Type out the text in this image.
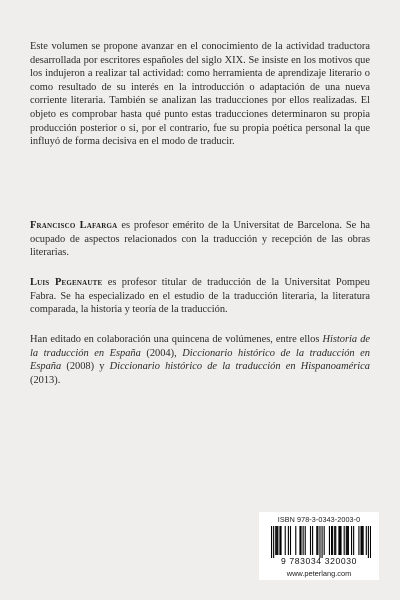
Este volumen se propone avanzar en el conocimiento de la actividad traductora desarrollada por escritores españoles del siglo XIX. Se insiste en los motivos que los indujeron a realizar tal actividad: como herramienta de aprendizaje literario o como resultado de su interés en la introducción o adaptación de una nueva corriente literaria. También se analizan las traducciones por ellos realizadas. El objeto es comprobar hasta qué punto estas traducciones determinaron su propia producción posterior o si, por el contrario, fue su propia poética personal la que influyó de forma decisiva en el modo de traducir.

Francisco Lafarga es profesor emérito de la Universitat de Barcelona. Se ha ocupado de aspectos relacionados con la traducción y recepción de las obras literarias.

Luis Pegenaute es profesor titular de traducción de la Universitat Pompeu Fabra. Se ha especializado en el estudio de la traducción literaria, la literatura comparada, la historia y teoría de la traducción.

Han editado en colaboración una quincena de volúmenes, entre ellos Historia de la traducción en España (2004), Diccionario histórico de la traducción en España (2008) y Diccionario histórico de la traducción en Hispanoamérica (2013).

ISBN 978-3-0343-2003-0
9 783034 320030
www.peterlang.com
